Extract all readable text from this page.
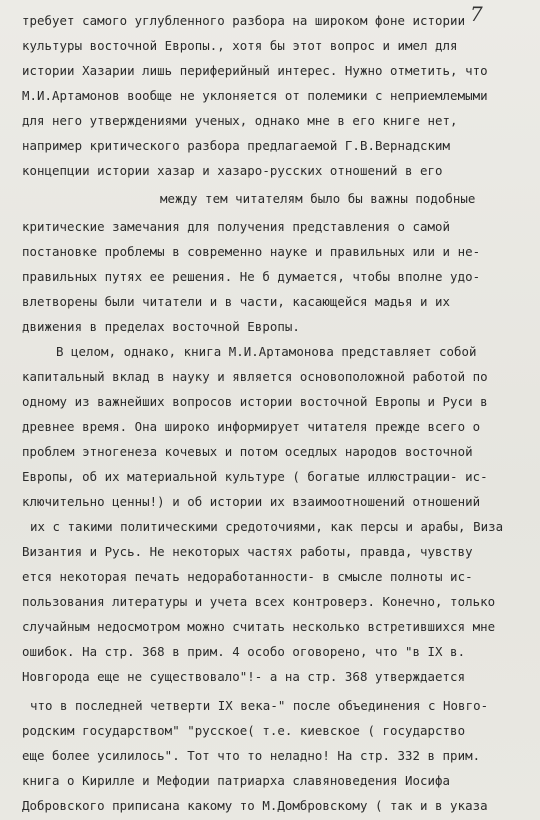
7
требует самого углубленного разбора на широком фоне истории
культуры восточной Европы., хотя бы этот вопрос и имел для
истории Хазарии лишь периферийный интерес. Нужно отметить, что
М.И.Артамонов вообще не уклоняется от полемики с неприемлемыми
для него утверждениями ученых, однако мне в его книге нет,
например критического разбора предлагаемой Г.В.Вернадским
концепции истории хазар и хазаро-русских отношений в его
между тем читателям было бы важны подобные
критические замечания для получения представления о самой
постановке проблемы в современно науке и правильных или и не-
правильных путях ее решения. Не б думается, чтобы вполне удо-
влетворены были читатели и в части, касающейся мадья и их
движения в пределах восточной Европы.
В целом, однако, книга М.И.Артамонова представляет собой
капитальный вклад в науку и является основоположной работой по
одному из важнейших вопросов истории восточной Европы и Руси в
древнее время. Она широко информирует читателя прежде всего о
проблем этногенеза кочевых и потом оседлых народов восточной
Европы, об их материальной культуре ( богатые иллюстрации- ис-
ключительно ценны!) и об истории их взаимоотношений отношений
их с такими политическими средоточиями, как персы и арабы, Виза
Византия и Русь. Не некоторых частях работы, правда, чувству
ется некоторая печать недоработанности- в смысле полноты ис-
пользования литературы и учета всех контроверз. Конечно, только
случайным недосмотром можно считать несколько встретившихся мне
ошибок. На стр. 368 в прим. 4 особо оговорено, что "в IX в.
Новгорода еще не существовало"!- а на стр. 368 утверждается
что в последней четверти IX века-" после объединения с Новго-
родским государством" "русское( т.е. киевское ( государство
еще более усилилось". Тот что то неладно! На стр. 332 в прим.
книга о Кирилле и Мефодии патриарха славяноведения Иосифа
Добровского приписана какому то М.Домбровскому ( так и в указа
